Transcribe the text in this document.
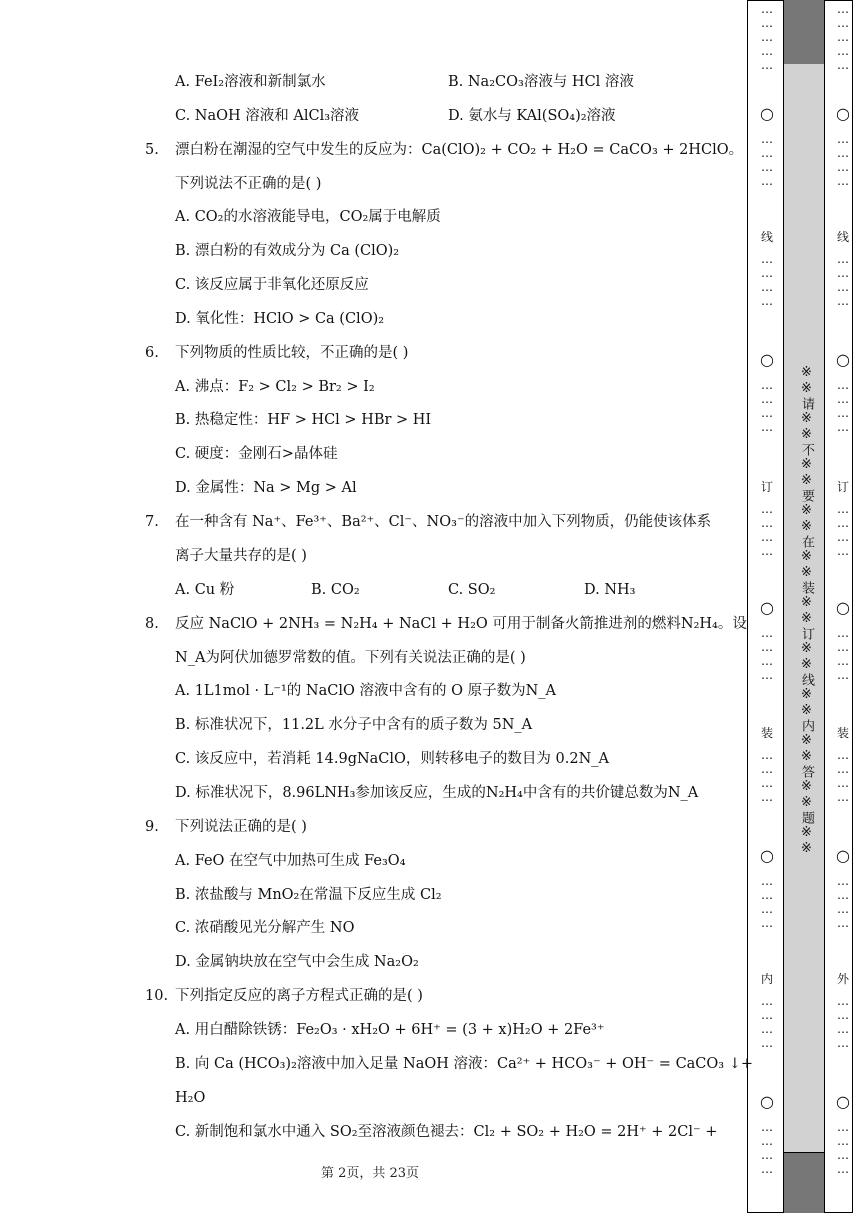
A. FeI₂溶液和新制氯水	B. Na₂CO₃溶液与 HCl 溶液
C. NaOH 溶液和 AlCl₃溶液	D. 氨水与 KAl(SO₄)₂溶液
5. 漂白粉在潮湿的空气中发生的反应为：Ca(ClO)₂ + CO₂ + H₂O = CaCO₃ + 2HClO。
下列说法不正确的是( )
A. CO₂的水溶液能导电，CO₂属于电解质
B. 漂白粉的有效成分为 Ca (ClO)₂
C. 该反应属于非氧化还原反应
D. 氧化性：HClO > Ca (ClO)₂
6. 下列物质的性质比较，不正确的是( )
A. 沸点：F₂ > Cl₂ > Br₂ > I₂
B. 热稳定性：HF > HCl > HBr > HI
C. 硬度：金刚石>晶体硅
D. 金属性：Na > Mg > Al
7. 在一种含有 Na⁺、Fe³⁺、Ba²⁺、Cl⁻、NO₃⁻的溶液中加入下列物质，仍能使该体系
离子大量共存的是( )
A. Cu 粉	B. CO₂	C. SO₂	D. NH₃
8. 反应 NaClO + 2NH₃ = N₂H₄ + NaCl + H₂O 可用于制备火箭推进剂的燃料N₂H₄。设
N_A为阿伏加德罗常数的值。下列有关说法正确的是( )
A. 1L1mol · L⁻¹的 NaClO 溶液中含有的 O 原子数为N_A
B. 标准状况下，11.2L 水分子中含有的质子数为 5N_A
C. 该反应中，若消耗 14.9gNaClO，则转移电子的数目为 0.2N_A
D. 标准状况下，8.96LNH₃参加该反应，生成的N₂H₄中含有的共价键总数为N_A
9. 下列说法正确的是( )
A. FeO 在空气中加热可生成 Fe₃O₄
B. 浓盐酸与 MnO₂在常温下反应生成 Cl₂
C. 浓硝酸见光分解产生 NO
D. 金属钠块放在空气中会生成 Na₂O₂
10. 下列指定反应的离子方程式正确的是( )
A. 用白醋除铁锈：Fe₂O₃ · xH₂O + 6H⁺ = (3 + x)H₂O + 2Fe³⁺
B. 向 Ca (HCO₃)₂溶液中加入足量 NaOH 溶液：Ca²⁺ + HCO₃⁻ + OH⁻ = CaCO₃ ↓+
H₂O
C. 新制饱和氯水中通入 SO₂至溶液颜色褪去：Cl₂ + SO₂ + H₂O = 2H⁺ + 2Cl⁻ +
第 2页，共 23页
※※请※※不※※要※※在※※装※※订※※线※※内※※答※※题※※
…
…
…
…
…
○
…
…
…
…
线
…
…
…
…
○
…
…
…
…
订
…
…
…
…
○
…
…
…
…
装
…
…
…
…
○
…
…
…
…
内
…
…
…
…
○
…
…
…
…
…
…
…
…
…
○
…
…
…
…
线
…
…
…
…
○
…
…
…
…
订
…
…
…
…
○
…
…
…
…
装
…
…
…
…
○
…
…
…
…
外
…
…
…
…
○
…
…
…
…
